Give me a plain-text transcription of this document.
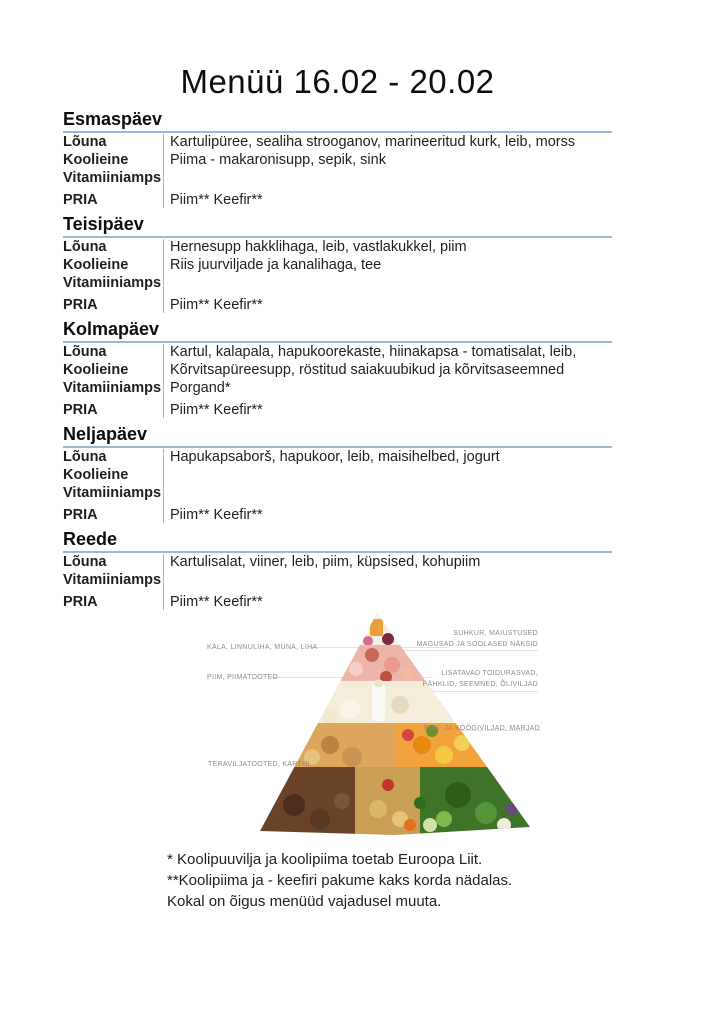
Menüü 16.02 - 20.02
Esmaspäev
Lõuna	Kartulipüree, sealiha strooganov, marineeritud kurk, leib, morss
Koolieine	Piima - makaronisupp, sepik, sink
Vitamiiniamps
PRIA	Piim** Keefir**
Teisipäev
Lõuna	Hernesupp hakklihaga, leib, vastlakukkel, piim
Koolieine	Riis juurviljade ja kanalihaga, tee
Vitamiiniamps
PRIA	Piim** Keefir**
Kolmapäev
Lõuna	Kartul, kalapala, hapukoorekaste, hiinakapsa - tomatisalat, leib,
Koolieine	Kõrvitsapüreesupp, röstitud saiakuubikud ja kõrvitsaseemned
Vitamiiniamps Porgand*
PRIA	Piim** Keefir**
Neljapäev
Lõuna	Hapukapsaborš, hapukoor, leib, maisihelbed, jogurt
Koolieine
Vitamiiniamps
PRIA	Piim** Keefir**
Reede
Lõuna	Kartulisalat, viiner, leib, piim, küpsised, kohupiim
Vitamiiniamps
PRIA	Piim** Keefir**
KALA, LINNULIHA, MUNA, LIHA
PIIM, PIIMATOOTED
TERAVILJATOOTED, KARTUL
SUHKUR, MAIUSTUSED
MAGUSAD JA SOOLASED NÄKSID
LISATAVAD TOIDURASVAD,
PÄHKLID, SEEMNED, ÕLIVILJAD
PUU- JA KÖÖGIVILJAD, MARJAD
* Koolipuuvilja ja koolipiima toetab Euroopa Liit.
**Koolipiima ja - keefiri pakume kaks korda nädalas.
Kokal on õigus menüüd vajadusel muuta.
